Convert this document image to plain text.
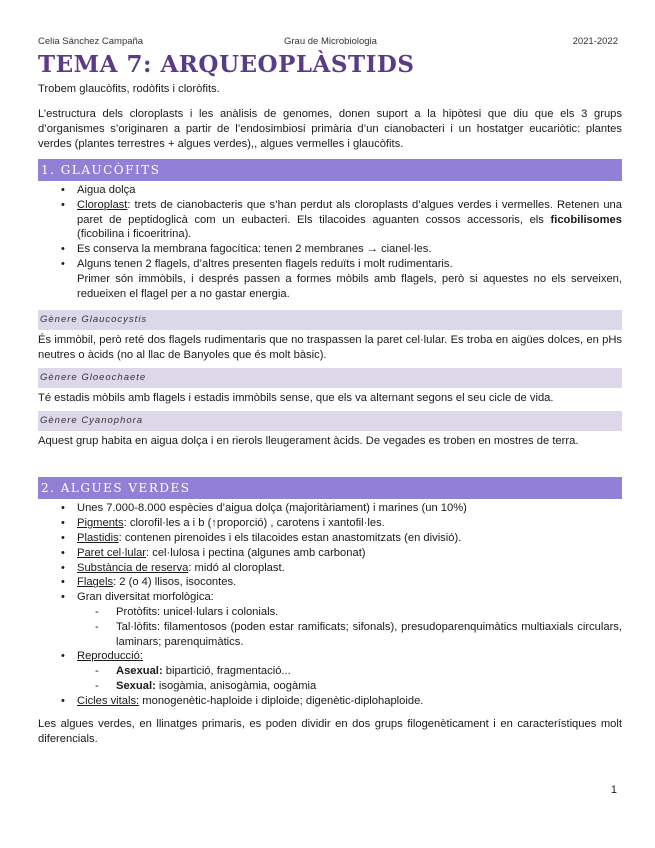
Celia Sánchez Campaña	Grau de Microbiologia	2021-2022
TEMA 7: ARQUEOPLÀSTIDS

Trobem glaucòfits, rodòfits i cloròfits.

L’estructura dels cloroplasts i les anàlisis de genomes, donen suport a la hipòtesi que diu que els 3 grups d’organismes s’originaren a partir de l’endosimbiosi primària d’un cianobacteri i un hostatger eucariòtic: plantes verdes (plantes terrestres + algues verdes),, algues vermelles i glaucòfits.

1. GLAUCÒFITS
• Aigua dolça
• Cloroplast: trets de cianobacteris que s’han perdut als cloroplasts d’algues verdes i vermelles. Retenen una paret de peptidoglicà com un eubacteri. Els tilacoides aguanten cossos accessoris, els ficobilisomes (ficobilina i ficoeritrina).
• Es conserva la membrana fagocítica: tenen 2 membranes → cianel·les.
• Alguns tenen 2 flagels, d’altres presenten flagels reduïts i molt rudimentaris.
Primer són immòbils, i després passen a formes mòbils amb flagels, però si aquestes no els serveixen, redueixen el flagel per a no gastar energia.
Gènere Glaucocystis

És immòbil, però reté dos flagels rudimentaris que no traspassen la paret cel·lular. Es troba en aigües dolces, en pHs neutres o àcids (no al llac de Banyoles que és molt bàsic).

Gènere Gloeochaete

Té estadis mòbils amb flagels i estadis immòbils sense, que els va alternant segons el seu cicle de vida.

Gènere Cyanophora

Aquest grup habita en aigua dolça i en rierols lleugerament àcids. De vegades es troben en mostres de terra.

2. ALGUES VERDES
• Unes 7.000-8.000 espècies d’aigua dolça (majoritàriament) i marines (un 10%)
• Pigments: clorofil·les a i b (↑proporció) , carotens i xantofil·les.
• Plastidis: contenen pirenoides i els tilacoides estan anastomitzats (en divisió).
• Paret cel·lular: cel·lulosa i pectina (algunes amb carbonat)
• Substància de reserva: midó al cloroplast.
• Flagels: 2 (o 4) llisos, isocontes.
• Gran diversitat morfològica:
- Protòfits: unicel·lulars i colonials.
- Tal·lòfits: filamentosos (poden estar ramificats; sifonals), presudoparenquimàtics multiaxials circulars, laminars; parenquimàtics.
• Reproducció:
- Asexual: bipartició, fragmentació...
- Sexual: isogàmia, anisogàmia, oogàmia
• Cicles vitals: monogenètic-haploide i diploide; digenètic-diplohaploide.

Les algues verdes, en llinatges primaris, es poden dividir en dos grups filogenèticament i en característiques molt diferencials.

1
